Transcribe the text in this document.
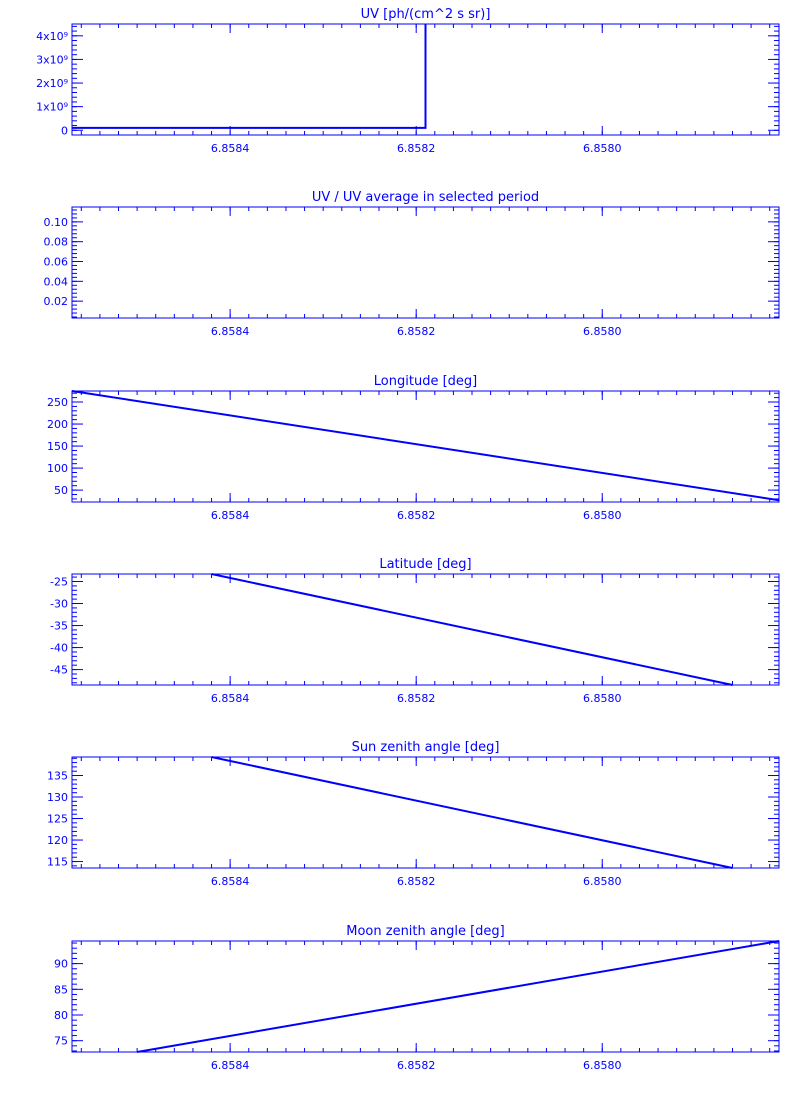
UV [ph/(cm^2 s sr)]
6.8584	6.8582	6.8580
0
1x10⁹
2x10⁹
3x10⁹
4x10⁹
UV / UV average in selected period
6.8584	6.8582	6.8580
0.02
0.04
0.06
0.08
0.10
Longitude [deg]
6.8584	6.8582	6.8580
50
100
150
200
250
Latitude [deg]
6.8584	6.8582	6.8580
-45
-40
-35
-30
-25
Sun zenith angle [deg]
6.8584	6.8582	6.8580
115
120
125
130
135
Moon zenith angle [deg]
6.8584	6.8582	6.8580
75
80
85
90
